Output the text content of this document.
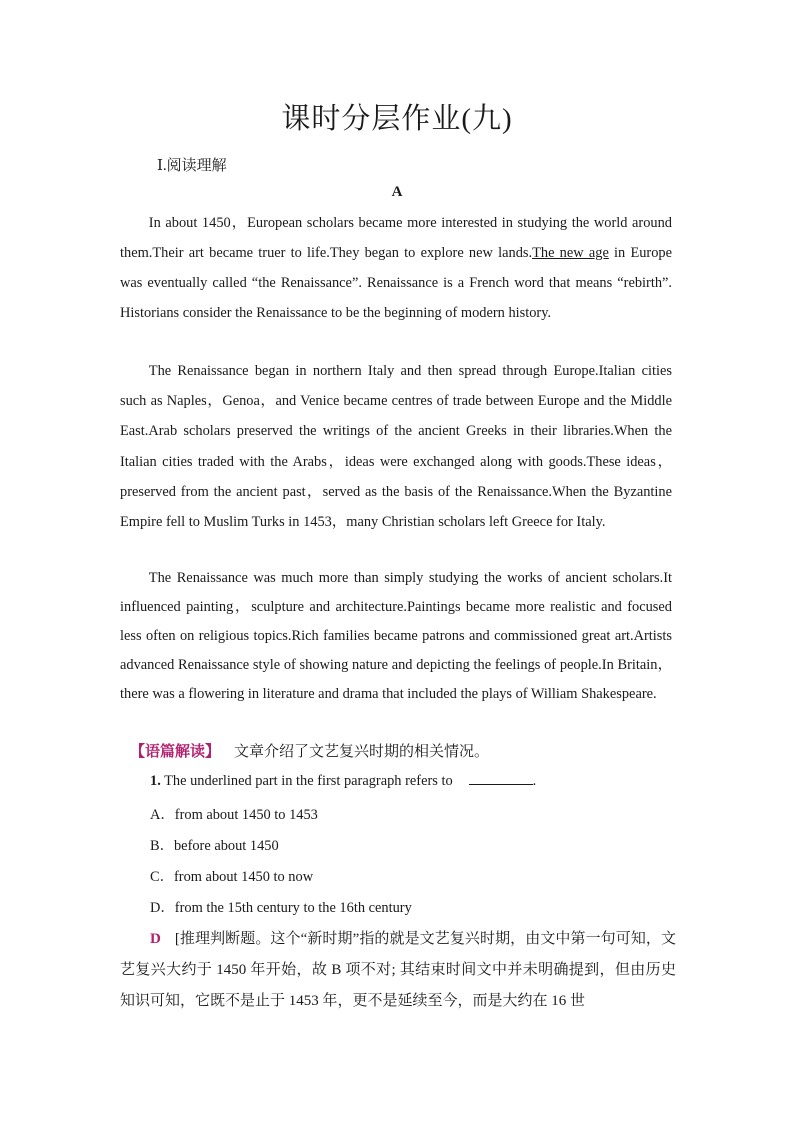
课时分层作业(九)
Ⅰ.阅读理解
A

In about 1450，European scholars became more interested in studying the world around them.Their art became truer to life.They began to explore new lands.The new age in Europe was eventually called “the Renaissance”. Renaissance is a French word that means “rebirth”. Historians consider the Renaissance to be the beginning of modern history.

The Renaissance began in northern Italy and then spread through Europe.Italian cities such as Naples，Genoa，and Venice became centres of trade between Europe and the Middle East.Arab scholars preserved the writings of the ancient Greeks in their libraries.When the Italian cities traded with the Arabs，ideas were exchanged along with goods.These ideas，preserved from the ancient past，served as the basis of the Renaissance.When the Byzantine Empire fell to Muslim Turks in 1453，many Christian scholars left Greece for Italy.

The Renaissance was much more than simply studying the works of ancient scholars.It influenced painting，sculpture and architecture.Paintings became more realistic and focused less often on religious topics.Rich families became patrons and commissioned great art.Artists advanced Renaissance style of showing nature and depicting the feelings of people.In Britain，there was a flowering in literature and drama that included the plays of William Shakespeare.

【语篇解读】 文章介绍了文艺复兴时期的相关情况。
1. The underlined part in the first paragraph refers to	.
A．from about 1450 to 1453
B．before about 1450
C．from about 1450 to now
D．from the 15th century to the 16th century
D [推理判断题。这个“新时期”指的就是文艺复兴时期，由文中第一句可知，文艺复兴大约于 1450 年开始，故 B 项不对; 其结束时间文中并未明确提到，但由历史知识可知，它既不是止于 1453 年，更不是延续至今，而是大约在 16 世
